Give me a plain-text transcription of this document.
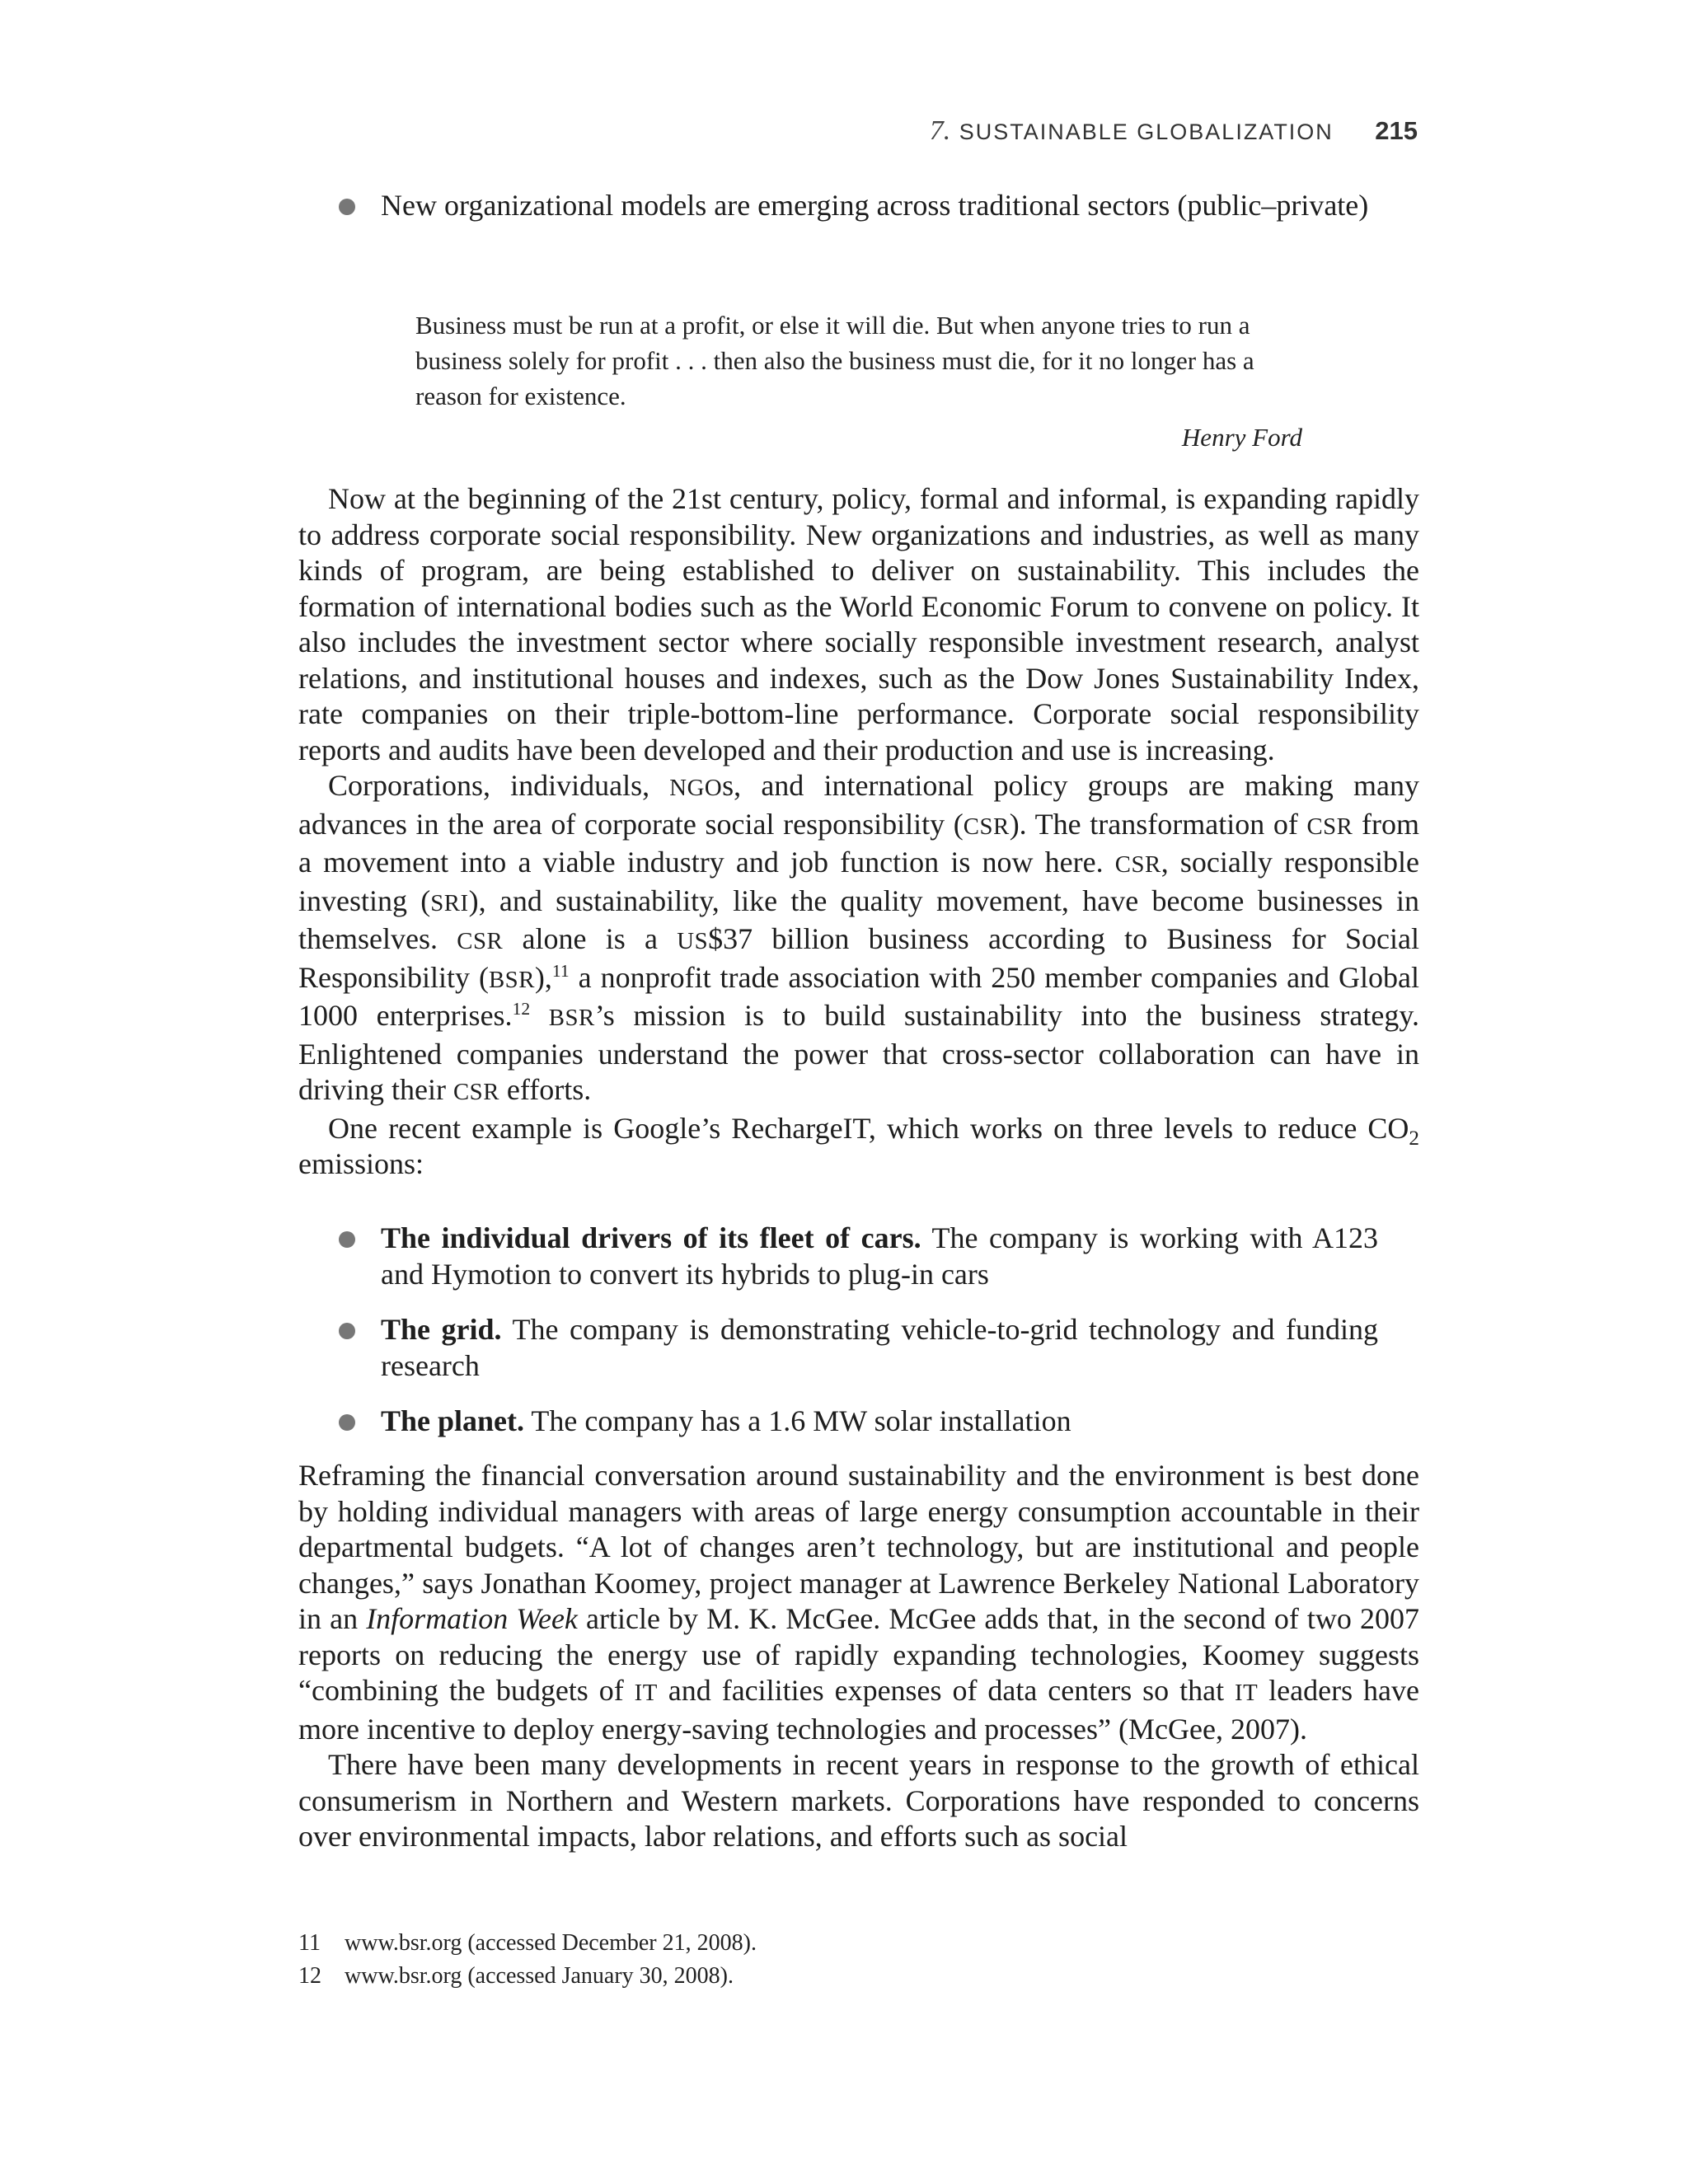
7. SUSTAINABLE GLOBALIZATION 215
New organizational models are emerging across traditional sectors (public–private)
Business must be run at a profit, or else it will die. But when anyone tries to run a business solely for profit . . . then also the business must die, for it no longer has a reason for existence.
Henry Ford

Now at the beginning of the 21st century, policy, formal and informal, is expanding rapidly to address corporate social responsibility. New organizations and industries, as well as many kinds of program, are being established to deliver on sustainability. This includes the formation of international bodies such as the World Economic Forum to convene on policy. It also includes the investment sector where socially responsible investment research, analyst relations, and institutional houses and indexes, such as the Dow Jones Sustainability Index, rate companies on their triple-bottom-line performance. Corporate social responsibility reports and audits have been developed and their production and use is increasing.

Corporations, individuals, NGOs, and international policy groups are making many advances in the area of corporate social responsibility (CSR). The transformation of CSR from a movement into a viable industry and job function is now here. CSR, socially responsible investing (SRI), and sustainability, like the quality movement, have become businesses in themselves. CSR alone is a US$37 billion business according to Business for Social Responsibility (BSR),$^{11}$ a nonprofit trade association with 250 member companies and Global 1000 enterprises.$^{12}$ BSR’s mission is to build sustainability into the business strategy. Enlightened companies understand the power that cross-sector collaboration can have in driving their CSR efforts.

One recent example is Google’s RechargeIT, which works on three levels to reduce $CO_2$ emissions:

The individual drivers of its fleet of cars. The company is working with A123 and Hymotion to convert its hybrids to plug-in cars
The grid. The company is demonstrating vehicle-to-grid technology and funding research
The planet. The company has a 1.6 MW solar installation

Reframing the financial conversation around sustainability and the environment is best done by holding individual managers with areas of large energy consumption accountable in their departmental budgets. “A lot of changes aren’t technology, but are institutional and people changes,” says Jonathan Koomey, project manager at Lawrence Berkeley National Laboratory in an Information Week article by M. K. McGee. McGee adds that, in the second of two 2007 reports on reducing the energy use of rapidly expanding technologies, Koomey suggests “combining the budgets of IT and facilities expenses of data centers so that IT leaders have more incentive to deploy energy-saving technologies and processes” (McGee, 2007).

There have been many developments in recent years in response to the growth of ethical consumerism in Northern and Western markets. Corporations have responded to concerns over environmental impacts, labor relations, and efforts such as social

11	www.bsr.org (accessed December 21, 2008).
12	www.bsr.org (accessed January 30, 2008).
